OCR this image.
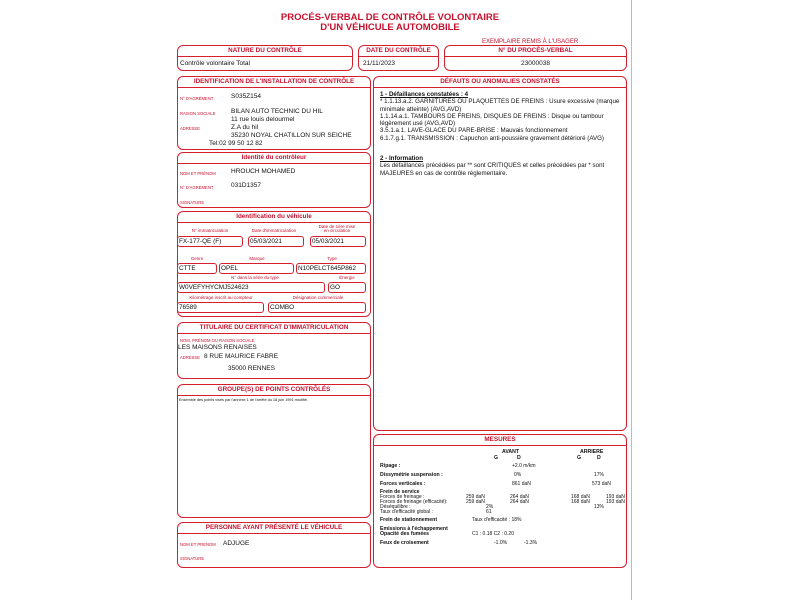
PROCÉS-VERBAL DE CONTRÔLE VOLONTAIRE
D'UN VÉHICULE AUTOMOBILE
EXEMPLAIRE REMIS À L'USAGER
NATURE DU CONTRÔLE
Contrôle volontaire Total
DATE DU CONTRÔLE
21/11/2023
N° DU PROCÈS-VERBAL
23000038
IDENTIFICATION DE L'INSTALLATION DE CONTRÔLE
N° D'AGRÉMENT	S035Z154
RAISON SOCIALE BILAN AUTO TECHNIC DU HIL
11 rue louis delourmel
ADRESSE	Z.A du hil
35230 NOYAL CHATILLON SUR SEICHE
Tel:02 99 50 12 82
Identité du contrôleur
NOM ET PRÉNOM HROUCH MOHAMED
N° D'AGRÉMENT	031D1357
SIGNATURE
Identification du véhicule
N° immatriculation	Date d'immatriculation
Date de 1ère mise
en circulation
FX-177-QE (F)	05/03/2021	05/03/2021
Genre	Marque	Type
CTTE	OPEL	N10PELCT645P862
N° dans la série du type	Énergie
W0VEFYHYCMJ524623	GO
Kilométrage inscrit au compteur	Désignation commerciale
76589	COMBO
TITULAIRE DU CERTIFICAT D'IMMATRICULATION
NOM, PRÉNOM OU RAISON SOCIALE
LES MAISONS RENAISES
ADRESSE 8 RUE MAURICE FABRE
35000 RENNES
GROUPE(S) DE POINTS CONTRÔLÉS
Ensemble des points visés par l'annexe 1 de l'arrêté du 18 juin 1991 modifié.
PERSONNE AYANT PRÉSENTÉ LE VÉHICULE
NOM ET PRÉNOM ADJUGE
SIGNATURE
DÉFAUTS OU ANOMALIES CONSTATÉS
1 - Défaillances constatées : 4
* 1.1.13.a.2. GARNITURES OU PLAQUETTES DE FREINS : Usure excessive (marque minimale atteinte) (AVG,AVD)
1.1.14.a.1. TAMBOURS DE FREINS, DISQUES DE FREINS : Disque ou tambour légèrement usé (AVG,AVD)
3.5.1.a.1. LAVE-GLACE DU PARE-BRISE : Mauvais fonctionnement
6.1.7.g.1. TRANSMISSION : Capuchon anti-poussière gravement détérioré (AVG)
2 - Information
Les défaillances précédées par ** sont CRITIQUES et celles précédées par * sont MAJEURES en cas de contrôle réglementaire.
MESURES
AVANT	ARRIERE
G	D	G	D
Ripage :	+2.0 m/km
Dissymétrie suspension :	0%	17%
Forces verticales :	861 daN	573 daN
Frein de service
Forces de freinage :	259 daN	264 daN	168 daN	193 daN
Forces de freinage (efficacité):	259 daN	264 daN	168 daN	193 daN
Déséquilibre :	2%	13%
Taux d'efficacité global :	61
Frein de stationnement	Taux d'efficacité : 18%
Emissions à l'échappement
Opacité des fumées	C1 : 0.18 C2 : 0.20
Feux de croisement	-1.0%	-1.3%
